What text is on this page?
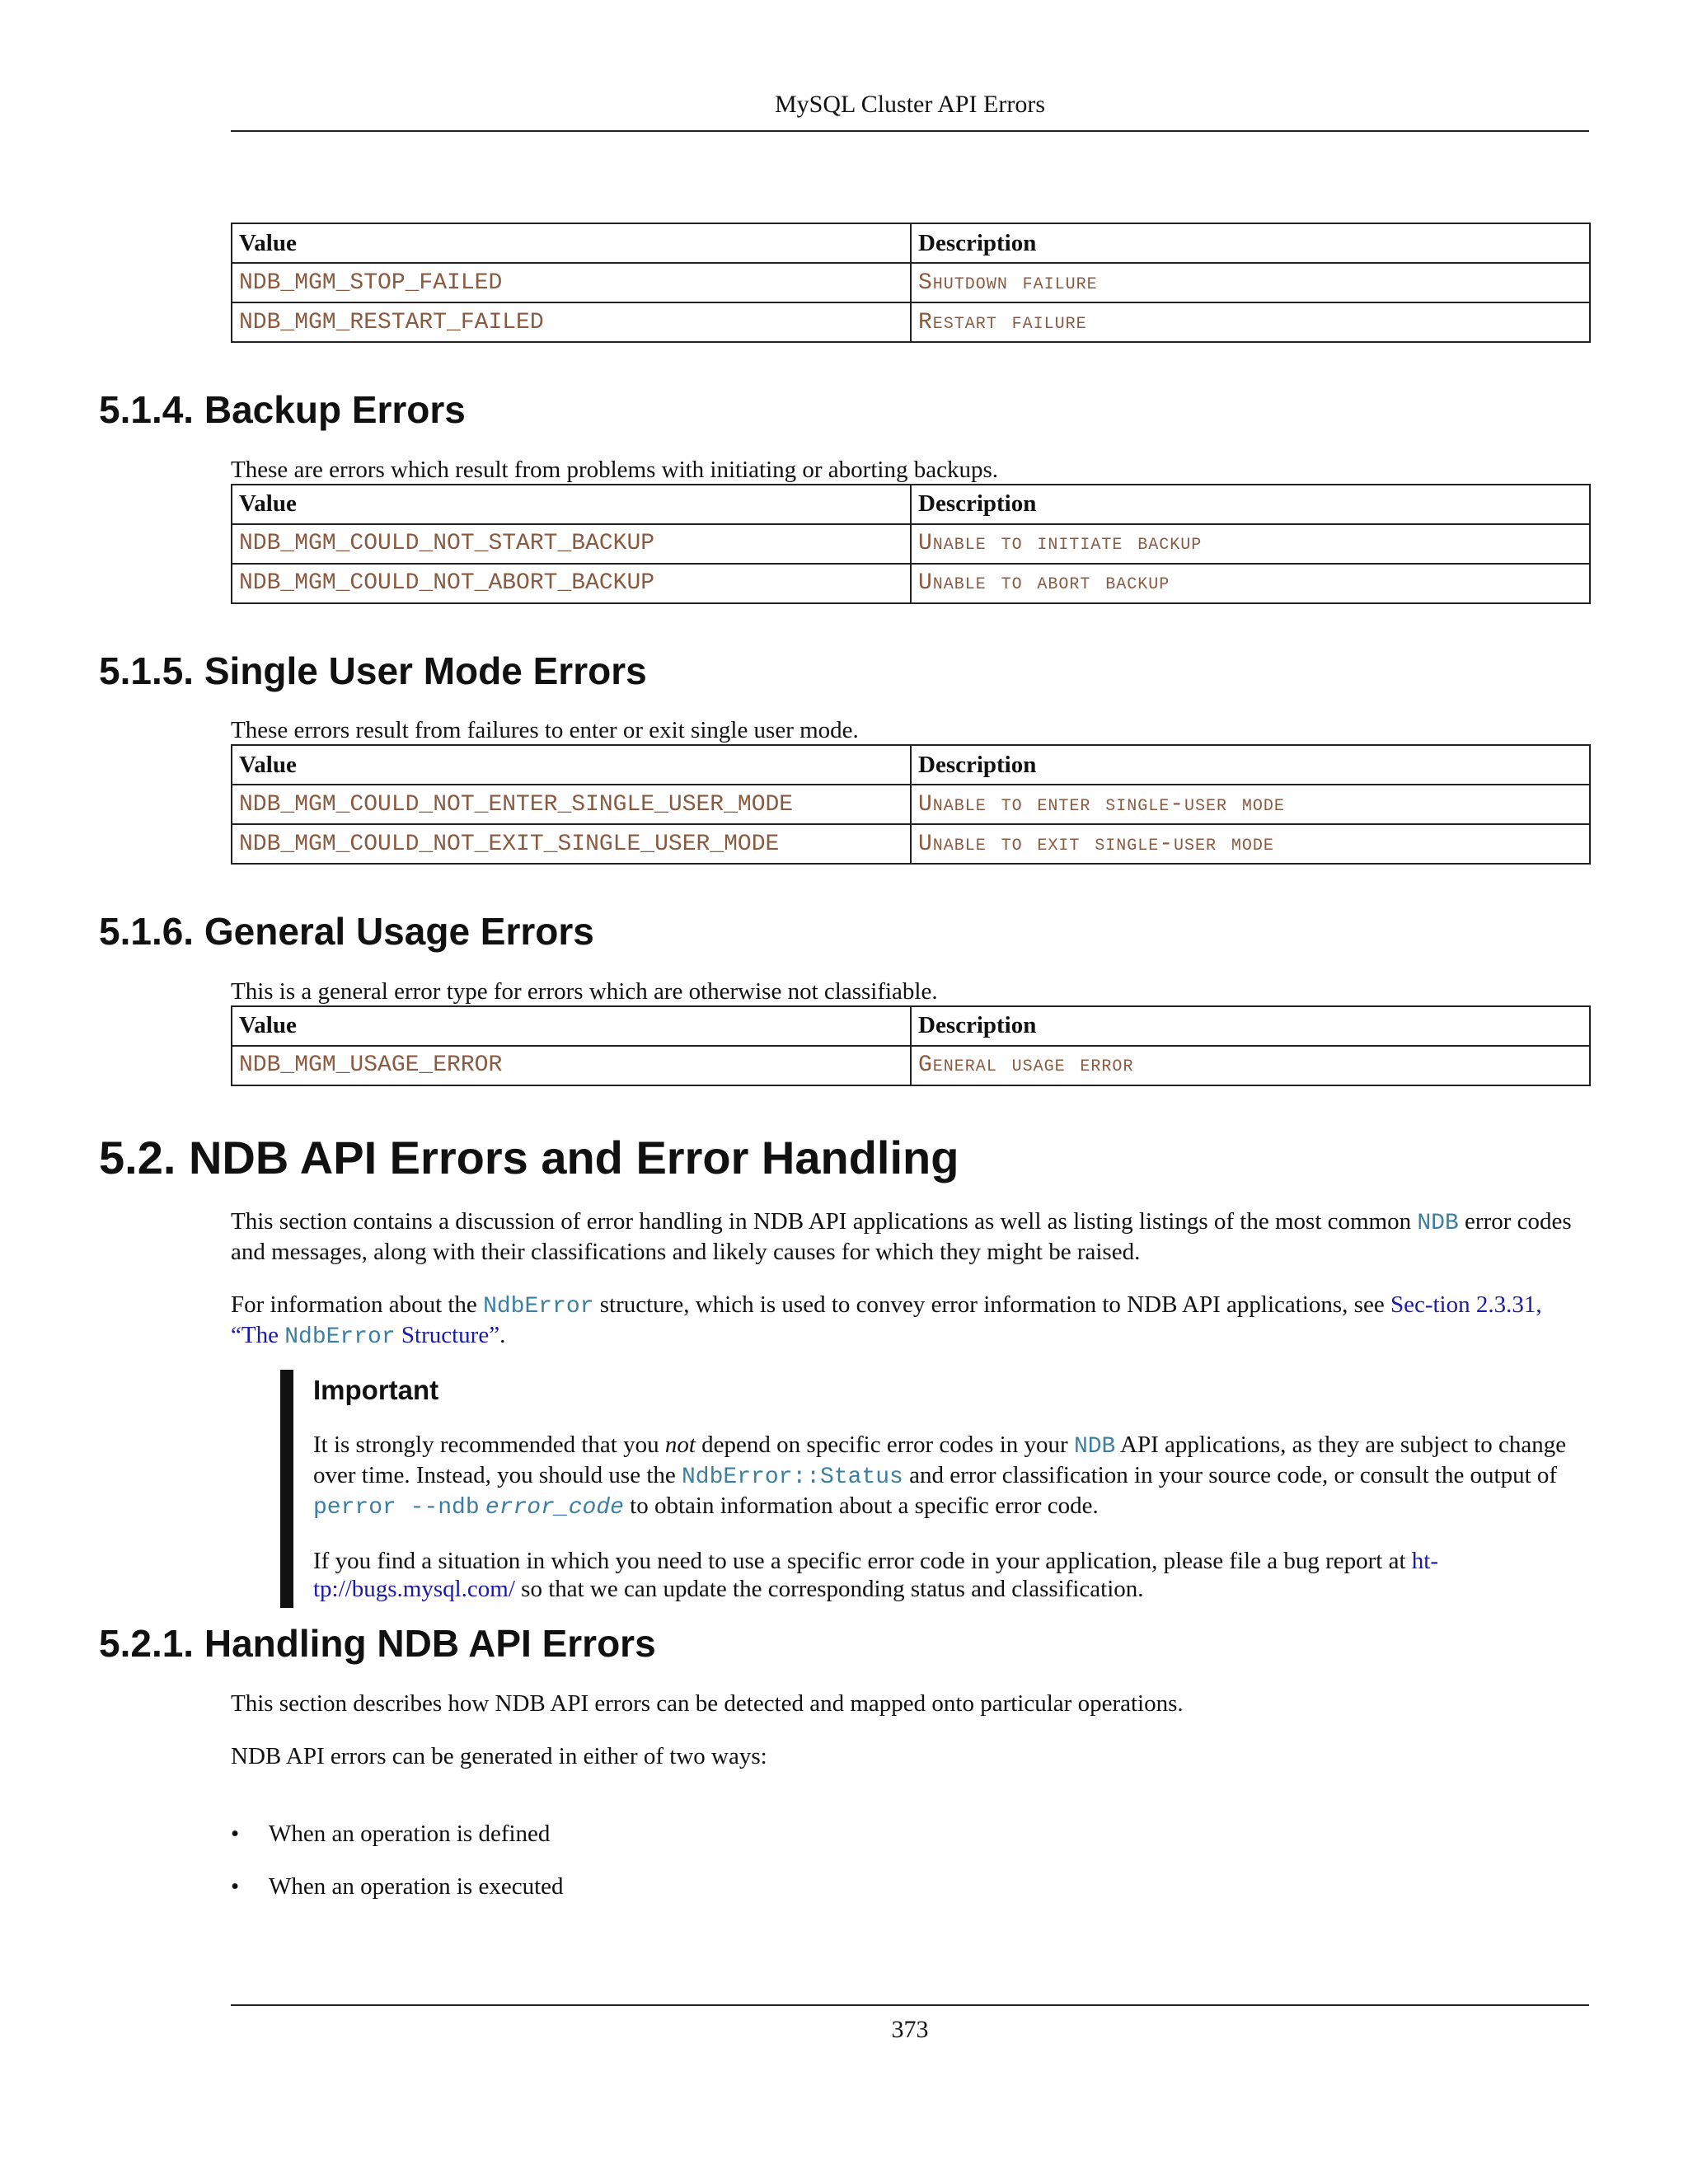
MySQL Cluster API Errors
Value	Description
NDB_MGM_STOP_FAILED	Shutdown failure
NDB_MGM_RESTART_FAILED	Restart failure
5.1.4. Backup Errors

These are errors which result from problems with initiating or aborting backups.

Value	Description
NDB_MGM_COULD_NOT_START_BACKUP	Unable to initiate backup
NDB_MGM_COULD_NOT_ABORT_BACKUP	Unable to abort backup
5.1.5. Single User Mode Errors

These errors result from failures to enter or exit single user mode.

Value	Description
NDB_MGM_COULD_NOT_ENTER_SINGLE_USER_MODE	Unable to enter single-user mode
NDB_MGM_COULD_NOT_EXIT_SINGLE_USER_MODE	Unable to exit single-user mode
5.1.6. General Usage Errors

This is a general error type for errors which are otherwise not classifiable.

Value	Description
NDB_MGM_USAGE_ERROR	General usage error
5.2. NDB API Errors and Error Handling

This section contains a discussion of error handling in NDB API applications as well as listing listings of the most common NDB error codes and messages, along with their classifications and likely causes for which they might be raised.

For information about the NdbError structure, which is used to convey error information to NDB API applications, see Sec-tion 2.3.31, “The NdbError Structure”.

Important

It is strongly recommended that you not depend on specific error codes in your NDB API applications, as they are subject to change over time. Instead, you should use the NdbError::Status and error classification in your source code, or consult the output of perror --ndb error_code to obtain information about a specific error code.

If you find a situation in which you need to use a specific error code in your application, please file a bug report at ht-tp://bugs.mysql.com/ so that we can update the corresponding status and classification.

5.2.1. Handling NDB API Errors

This section describes how NDB API errors can be detected and mapped onto particular operations.

NDB API errors can be generated in either of two ways:

• When an operation is defined
• When an operation is executed
373
